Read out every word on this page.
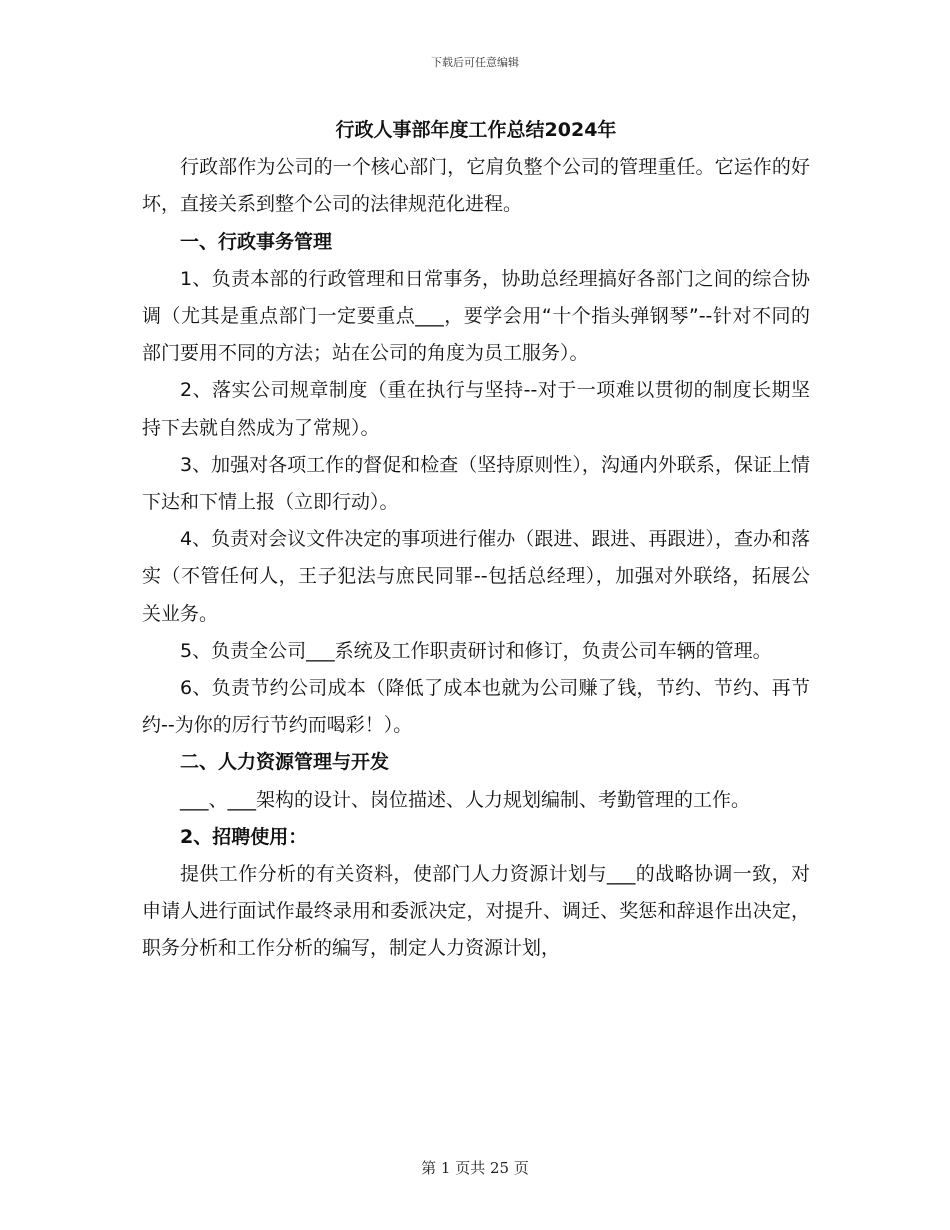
下载后可任意编辑
行政人事部年度工作总结2024年

行政部作为公司的一个核心部门，它肩负整个公司的管理重任。它运作的好坏，直接关系到整个公司的法律规范化进程。

一、行政事务管理

1、负责本部的行政管理和日常事务，协助总经理搞好各部门之间的综合协调（尤其是重点部门一定要重点___，要学会用“十个指头弹钢琴”--针对不同的部门要用不同的方法；站在公司的角度为员工服务）。

2、落实公司规章制度（重在执行与坚持--对于一项难以贯彻的制度长期坚持下去就自然成为了常规）。

3、加强对各项工作的督促和检查（坚持原则性），沟通内外联系，保证上情下达和下情上报（立即行动）。

4、负责对会议文件决定的事项进行催办（跟进、跟进、再跟进），查办和落实（不管任何人，王子犯法与庶民同罪--包括总经理），加强对外联络，拓展公关业务。

5、负责全公司___系统及工作职责研讨和修订，负责公司车辆的管理。

6、负责节约公司成本（降低了成本也就为公司赚了钱，节约、节约、再节约--为你的厉行节约而喝彩！）。

二、人力资源管理与开发

___、___架构的设计、岗位描述、人力规划编制、考勤管理的工作。

2、招聘使用：

提供工作分析的有关资料，使部门人力资源计划与___的战略协调一致，对申请人进行面试作最终录用和委派决定，对提升、调迁、奖惩和辞退作出决定，职务分析和工作分析的编写，制定人力资源计划，

第 1 页共 25 页
